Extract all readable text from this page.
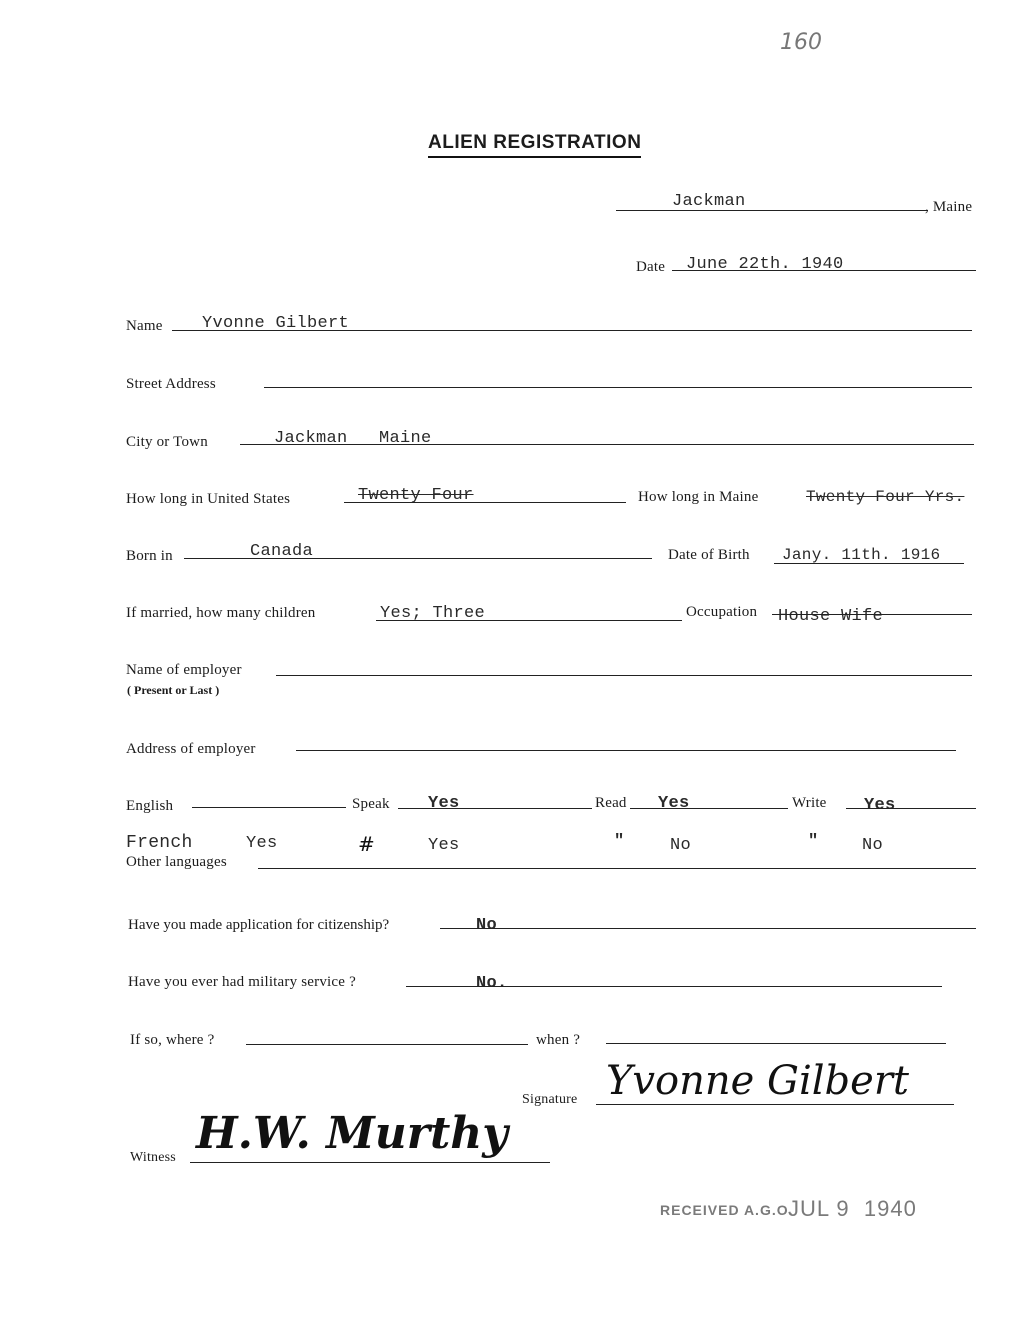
160
ALIEN REGISTRATION
Jackman	, Maine
Date June 22th. 1940
Name Yvonne Gilbert
Street Address
City or Town	Jackman   Maine
How long in United States	Twenty Four	How long in Maine	Twenty Four Yrs.
Born in	Canada	Date of Birth Jany. 11th. 1916
If married, how many children	Yes; Three	Occupation House Wife
Name of employer
( Present or Last )
Address of employer
English	Speak Yes	Read Yes	Write Yes
French	Yes	#	Yes	"	No	"	No
Other languages
Have you made application for citizenship?	No
Have you ever had military service ?	No.
If so, where ?	when ?
Signature Yvonne Gilbert
Witness H.W. Murthy
RECEIVED A.G.O.
JUL 9  1940
